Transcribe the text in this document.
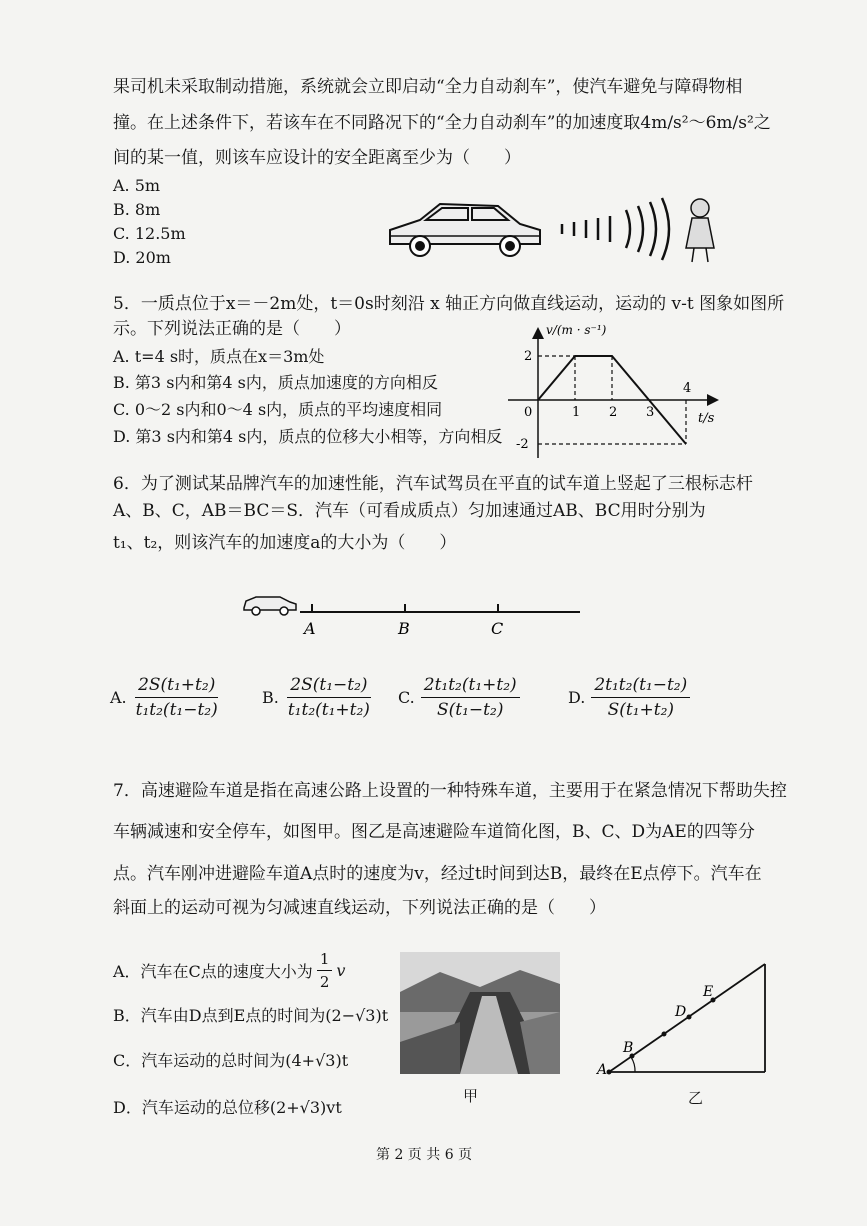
果司机未采取制动措施，系统就会立即启动“全力自动刹车”，使汽车避免与障碍物相
撞。在上述条件下，若该车在不同路况下的“全力自动刹车”的加速度取4m/s²～6m/s²之
间的某一值，则该车应设计的安全距离至少为（　　）
A. 5m
B. 8m
C. 12.5m
D. 20m
5．一质点位于x＝－2m处，t＝0s时刻沿 x 轴正方向做直线运动，运动的 v-t 图象如图所
示。下列说法正确的是（　　）
A. t=4 s时，质点在x＝3m处
B. 第3 s内和第4 s内，质点加速度的方向相反
C. 0～2 s内和0～4 s内，质点的平均速度相同
D. 第3 s内和第4 s内，质点的位移大小相等，方向相反
v/(m · s⁻¹)
t/s
0	1 2 3
4
2
-2
6．为了测试某品牌汽车的加速性能，汽车试驾员在平直的试车道上竖起了三根标志杆
A、B、C，AB＝BC＝S．汽车（可看成质点）匀加速通过AB、BC用时分别为
t₁、t₂，则该汽车的加速度a的大小为（　　）
A	B	C
A. $\frac{\text{2S(t₁+t₂)}}{\text{t₁t₂(t₁−t₂)}}$	B. $\frac{\text{2S(t₁−t₂)}}{\text{t₁t₂(t₁+t₂)}} C$. $\frac{\text{2t₁t₂(t₁+t₂)}}{\text{S(t₁−t₂)}}$	D. $\frac{\text{2t₁t₂(t₁−t₂)}}{\text{S(t₁+t₂)}}$
7．高速避险车道是指在高速公路上设置的一种特殊车道，主要用于在紧急情况下帮助失控
车辆减速和安全停车，如图甲。图乙是高速避险车道简化图，B、C、D为AE的四等分
点。汽车刚冲进避险车道A点时的速度为v，经过t时间到达B，最终在E点停下。汽车在
斜面上的运动可视为匀减速直线运动，下列说法正确的是（　　）
A．汽车在C点的速度大小为 $\frac{1}{2}$ v
B．汽车由D点到E点的时间为(2−√3)t
C．汽车运动的总时间为(4+√3)t
D．汽车运动的总位移(2+√3)vt
甲
A
B
D
E
乙
第 2 页 共 6 页
